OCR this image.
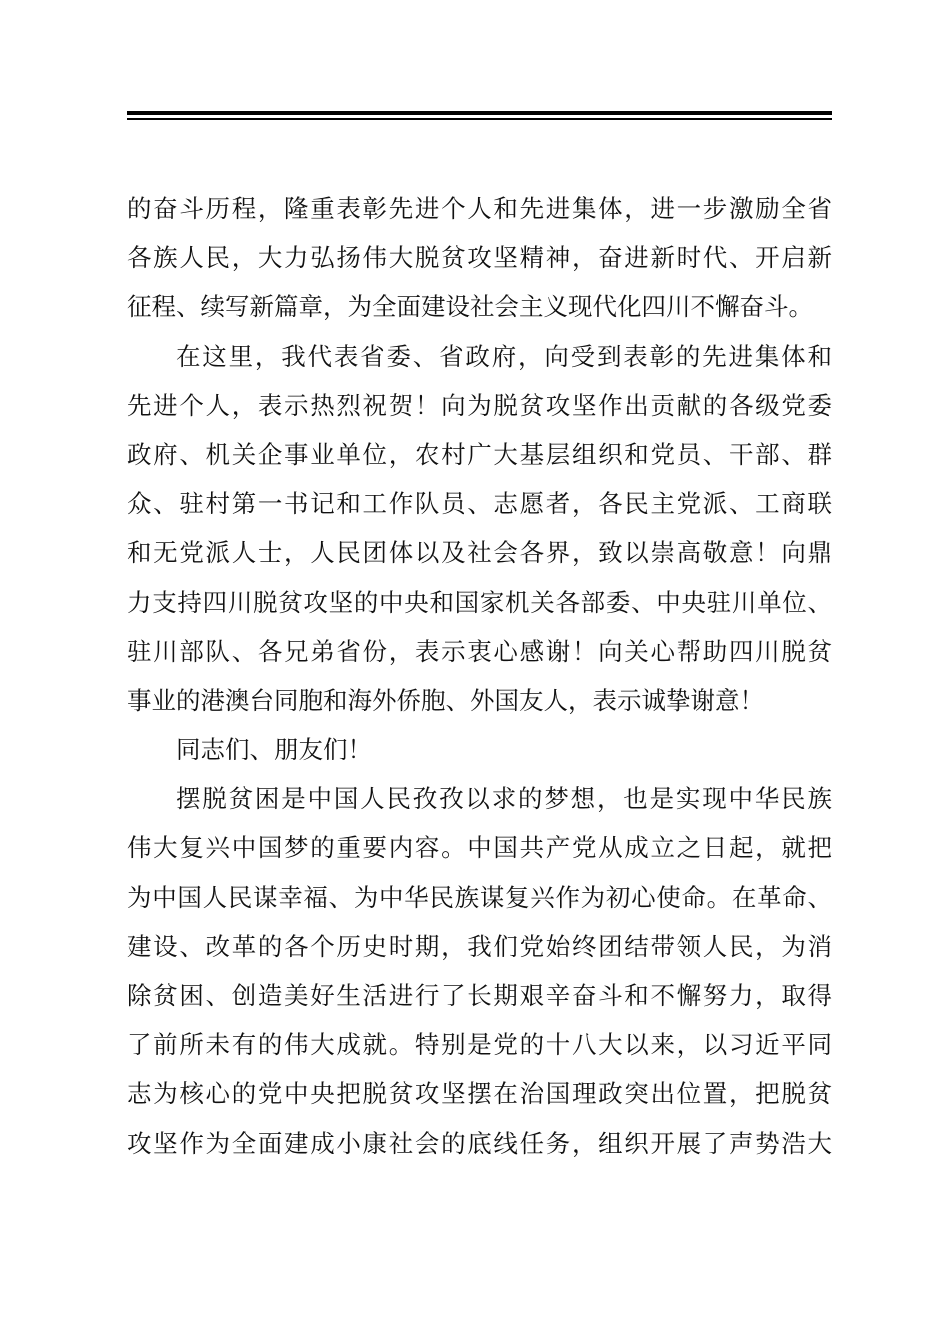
的奋斗历程，隆重表彰先进个人和先进集体，进一步激励全省
各族人民，大力弘扬伟大脱贫攻坚精神，奋进新时代、开启新
征程、续写新篇章，为全面建设社会主义现代化四川不懈奋斗。
在这里，我代表省委、省政府，向受到表彰的先进集体和
先进个人，表示热烈祝贺！向为脱贫攻坚作出贡献的各级党委
政府、机关企事业单位，农村广大基层组织和党员、干部、群
众、驻村第一书记和工作队员、志愿者，各民主党派、工商联
和无党派人士，人民团体以及社会各界，致以崇高敬意！向鼎
力支持四川脱贫攻坚的中央和国家机关各部委、中央驻川单位、
驻川部队、各兄弟省份，表示衷心感谢！向关心帮助四川脱贫
事业的港澳台同胞和海外侨胞、外国友人，表示诚挚谢意！
同志们、朋友们！
摆脱贫困是中国人民孜孜以求的梦想，也是实现中华民族
伟大复兴中国梦的重要内容。中国共产党从成立之日起，就把
为中国人民谋幸福、为中华民族谋复兴作为初心使命。在革命、
建设、改革的各个历史时期，我们党始终团结带领人民，为消
除贫困、创造美好生活进行了长期艰辛奋斗和不懈努力，取得
了前所未有的伟大成就。特别是党的十八大以来，以习近平同
志为核心的党中央把脱贫攻坚摆在治国理政突出位置，把脱贫
攻坚作为全面建成小康社会的底线任务，组织开展了声势浩大
